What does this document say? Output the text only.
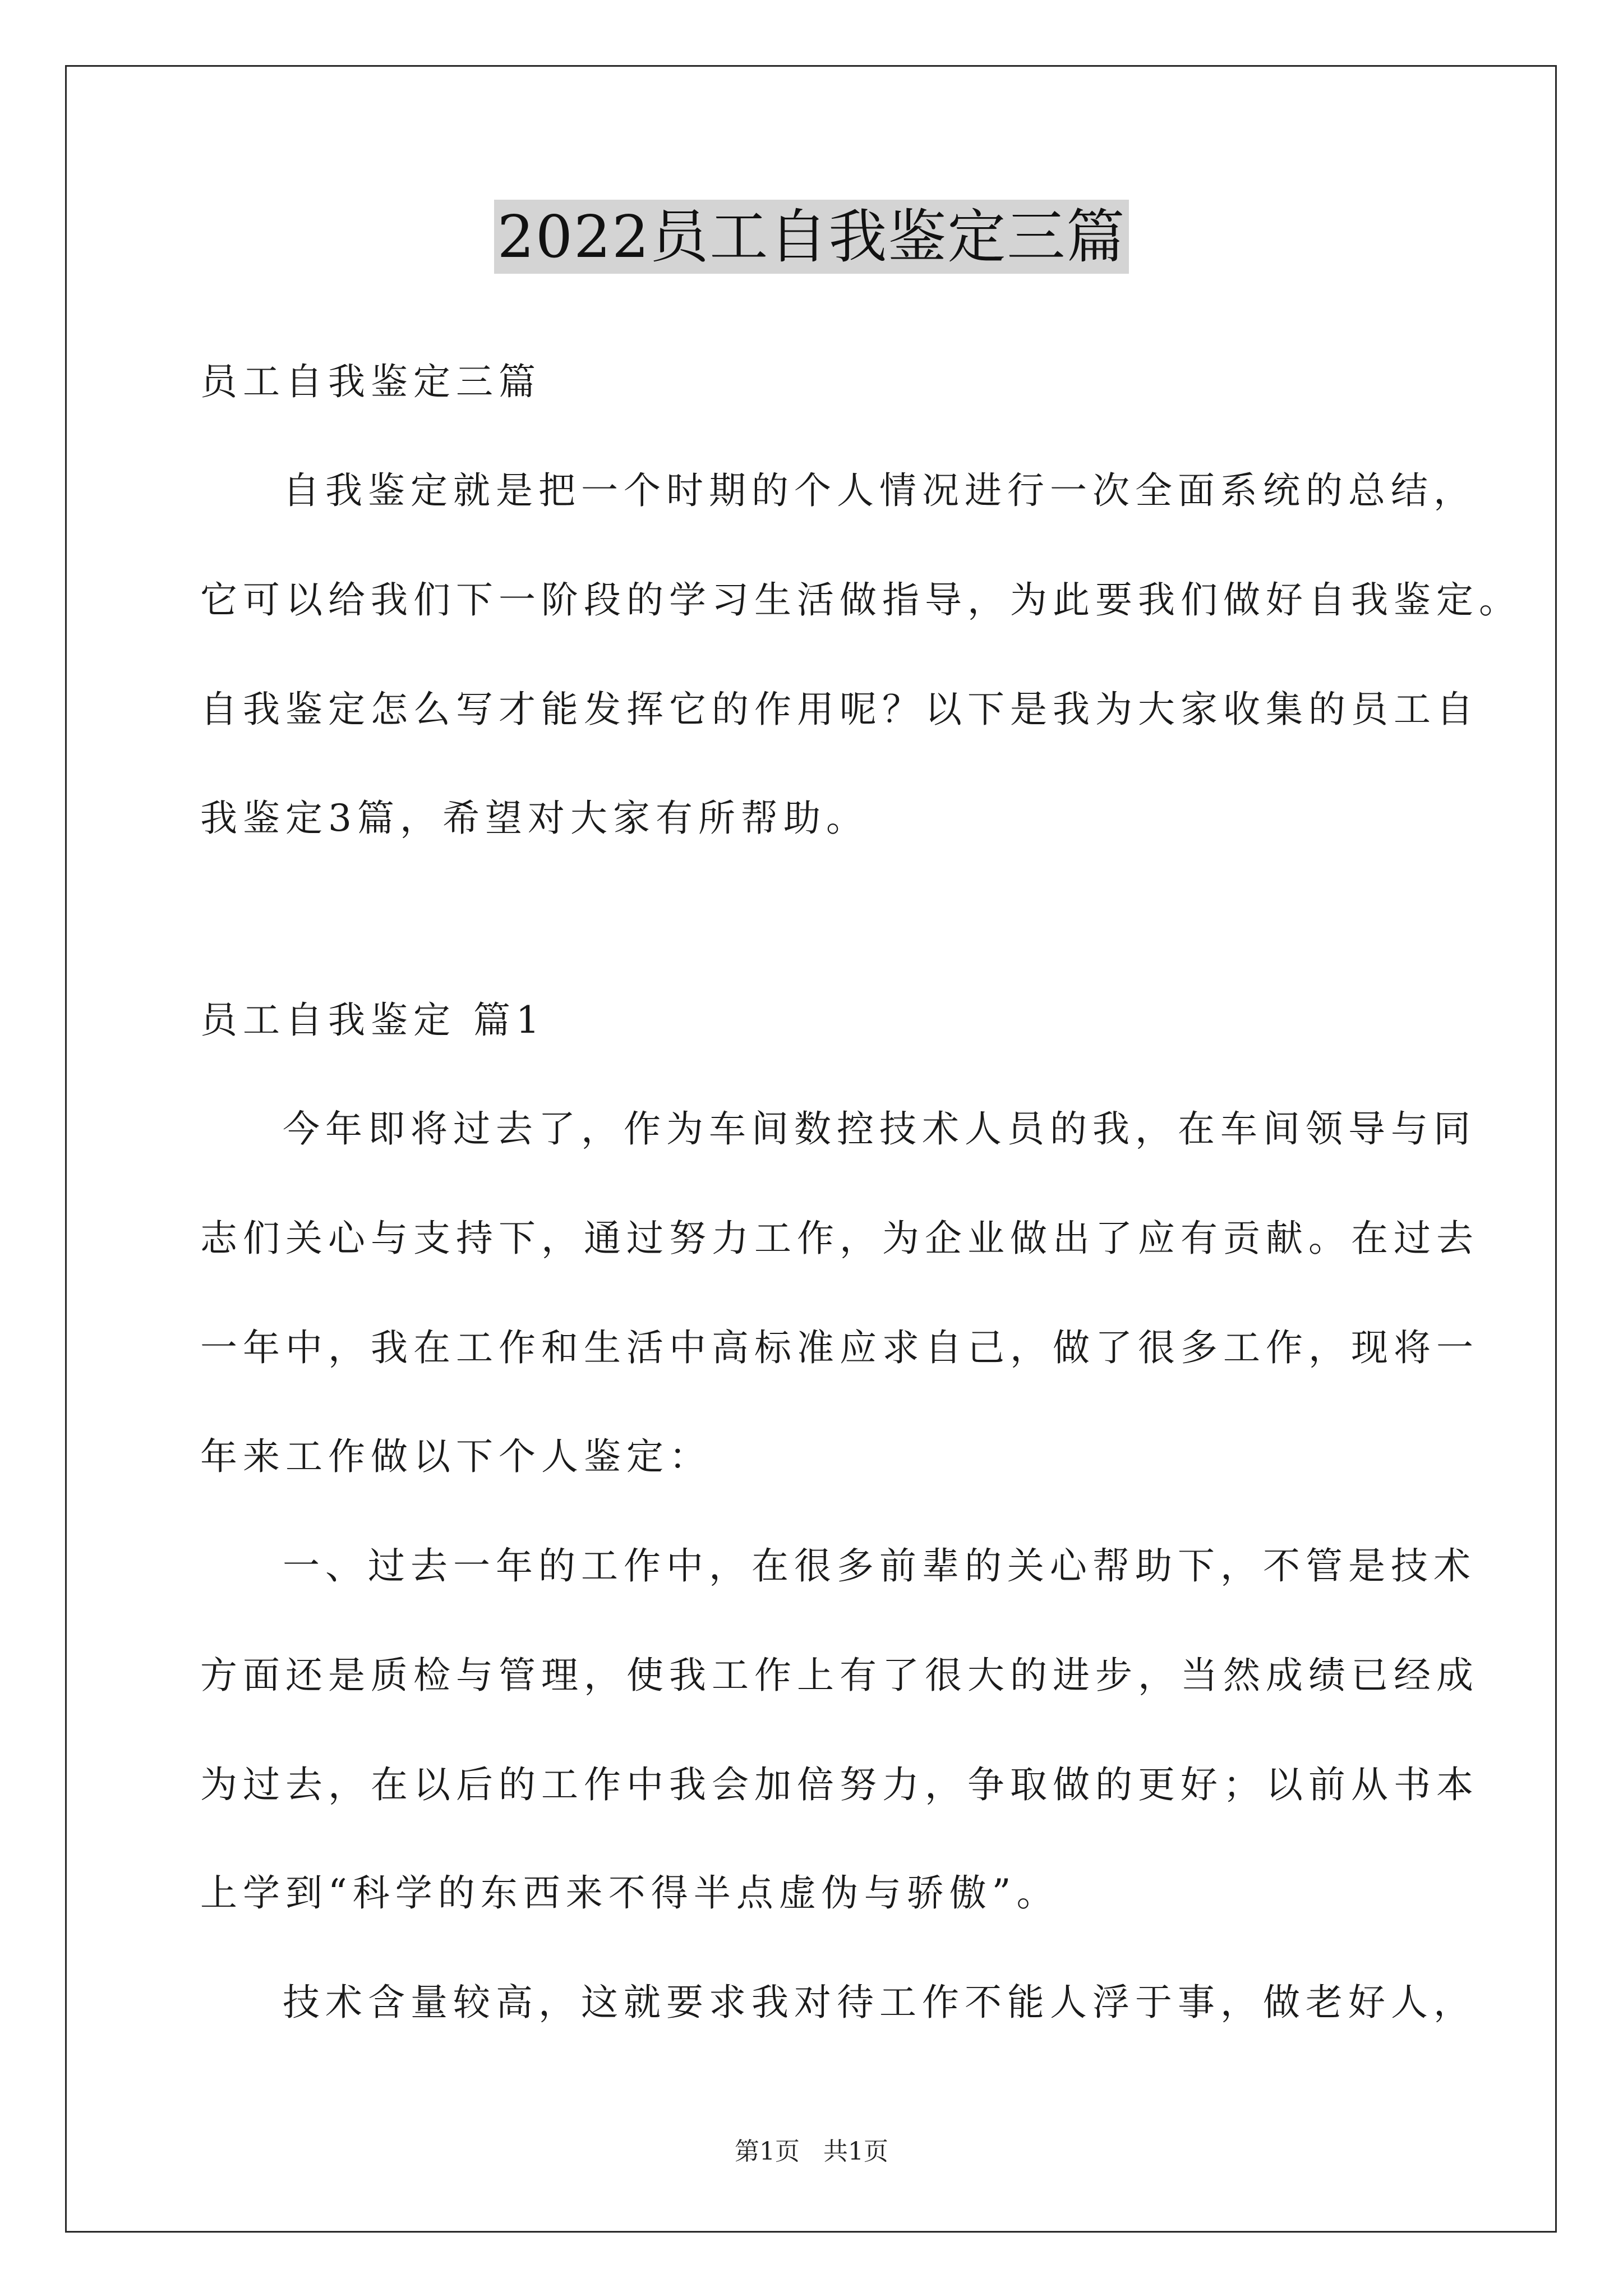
2022员工自我鉴定三篇
员工自我鉴定三篇
自我鉴定就是把一个时期的个人情况进行一次全面系统的总结，
它可以给我们下一阶段的学习生活做指导，为此要我们做好自我鉴定。
自我鉴定怎么写才能发挥它的作用呢？以下是我为大家收集的员工自
我鉴定3篇，希望对大家有所帮助。
员工自我鉴定 篇1
今年即将过去了，作为车间数控技术人员的我，在车间领导与同
志们关心与支持下，通过努力工作，为企业做出了应有贡献。在过去
一年中，我在工作和生活中高标准应求自己，做了很多工作，现将一
年来工作做以下个人鉴定：
一、过去一年的工作中，在很多前辈的关心帮助下，不管是技术
方面还是质检与管理，使我工作上有了很大的进步，当然成绩已经成
为过去，在以后的工作中我会加倍努力，争取做的更好；以前从书本
上学到“科学的东西来不得半点虚伪与骄傲”。
技术含量较高，这就要求我对待工作不能人浮于事，做老好人，
第1页   共1页
